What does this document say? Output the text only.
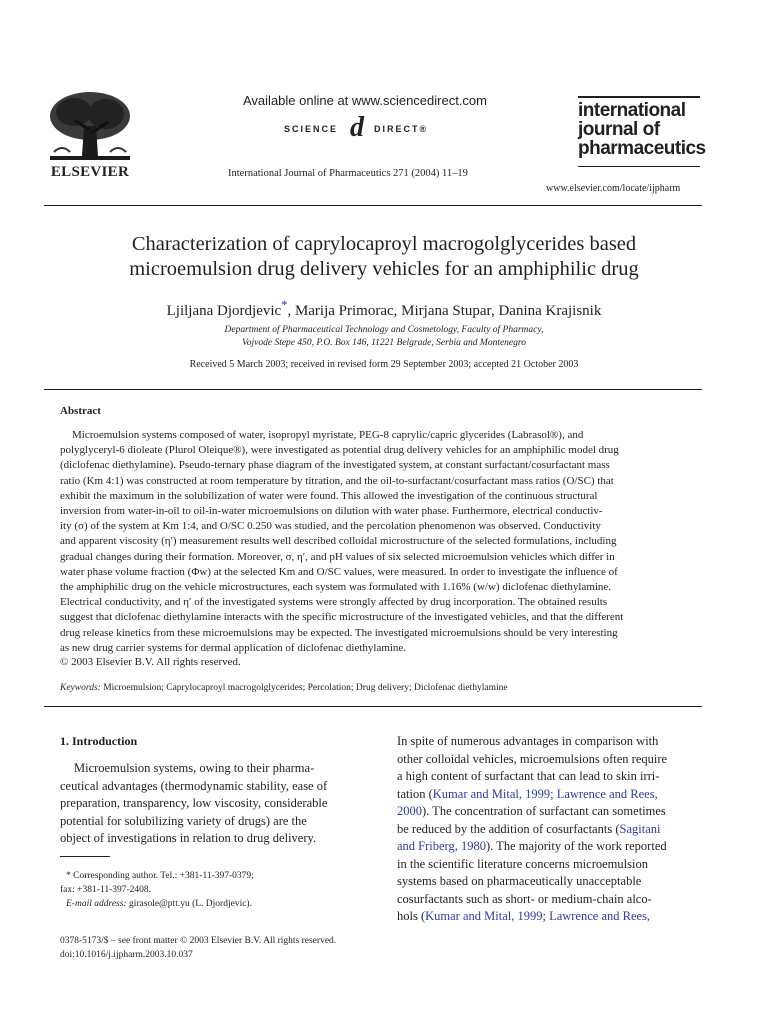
ELSEVIER
Available online at www.sciencedirect.com
SCIENCE d DIRECT®
International Journal of Pharmaceutics 271 (2004) 11–19
international
journal of
pharmaceutics
www.elsevier.com/locate/ijpharm
Characterization of caprylocaproyl macrogolglycerides based
microemulsion drug delivery vehicles for an amphiphilic drug
Ljiljana Djordjevic*, Marija Primorac, Mirjana Stupar, Danina Krajisnik
Department of Pharmaceutical Technology and Cosmetology, Faculty of Pharmacy,
Vojvode Stepe 450, P.O. Box 146, 11221 Belgrade, Serbia and Montenegro
Received 5 March 2003; received in revised form 29 September 2003; accepted 21 October 2003
Abstract
Microemulsion systems composed of water, isopropyl myristate, PEG-8 caprylic/capric glycerides (Labrasol®), and
polyglyceryl-6 dioleate (Plurol Oleique®), were investigated as potential drug delivery vehicles for an amphiphilic model drug
(diclofenac diethylamine). Pseudo-ternary phase diagram of the investigated system, at constant surfactant/cosurfactant mass
ratio (Km 4:1) was constructed at room temperature by titration, and the oil-to-surfactant/cosurfactant mass ratios (O/SC) that
exhibit the maximum in the solubilization of water were found. This allowed the investigation of the continuous structural
inversion from water-in-oil to oil-in-water microemulsions on dilution with water phase. Furthermore, electrical conductiv-
ity (σ) of the system at Km 1:4, and O/SC 0.250 was studied, and the percolation phenomenon was observed. Conductivity
and apparent viscosity (η′) measurement results well described colloidal microstructure of the selected formulations, including
gradual changes during their formation. Moreover, σ, η′, and pH values of six selected microemulsion vehicles which differ in
water phase volume fraction (Φw) at the selected Km and O/SC values, were measured. In order to investigate the influence of
the amphiphilic drug on the vehicle microstructures, each system was formulated with 1.16% (w/w) diclofenac diethylamine.
Electrical conductivity, and η′ of the investigated systems were strongly affected by drug incorporation. The obtained results
suggest that diclofenac diethylamine interacts with the specific microstructure of the investigated vehicles, and that the different
drug release kinetics from these microemulsions may be expected. The investigated microemulsions should be very interesting
as new drug carrier systems for dermal application of diclofenac diethylamine.
© 2003 Elsevier B.V. All rights reserved.
Keywords: Microemulsion; Caprylocaproyl macrogolglycerides; Percolation; Drug delivery; Diclofenac diethylamine
1. Introduction
Microemulsion systems, owing to their pharma-
ceutical advantages (thermodynamic stability, ease of
preparation, transparency, low viscosity, considerable
potential for solubilizing variety of drugs) are the
object of investigations in relation to drug delivery.
* Corresponding author. Tel.: +381-11-397-0379;
fax: +381-11-397-2408.
E-mail address: girasole@ptt.yu (L. Djordjevic).
In spite of numerous advantages in comparison with
other colloidal vehicles, microemulsions often require
a high content of surfactant that can lead to skin irri-
tation (Kumar and Mital, 1999; Lawrence and Rees,
2000). The concentration of surfactant can sometimes
be reduced by the addition of cosurfactants (Sagitani
and Friberg, 1980). The majority of the work reported
in the scientific literature concerns microemulsion
systems based on pharmaceutically unacceptable
cosurfactants such as short- or medium-chain alco-
hols (Kumar and Mital, 1999; Lawrence and Rees,
0378-5173/$ – see front matter © 2003 Elsevier B.V. All rights reserved.
doi:10.1016/j.ijpharm.2003.10.037
